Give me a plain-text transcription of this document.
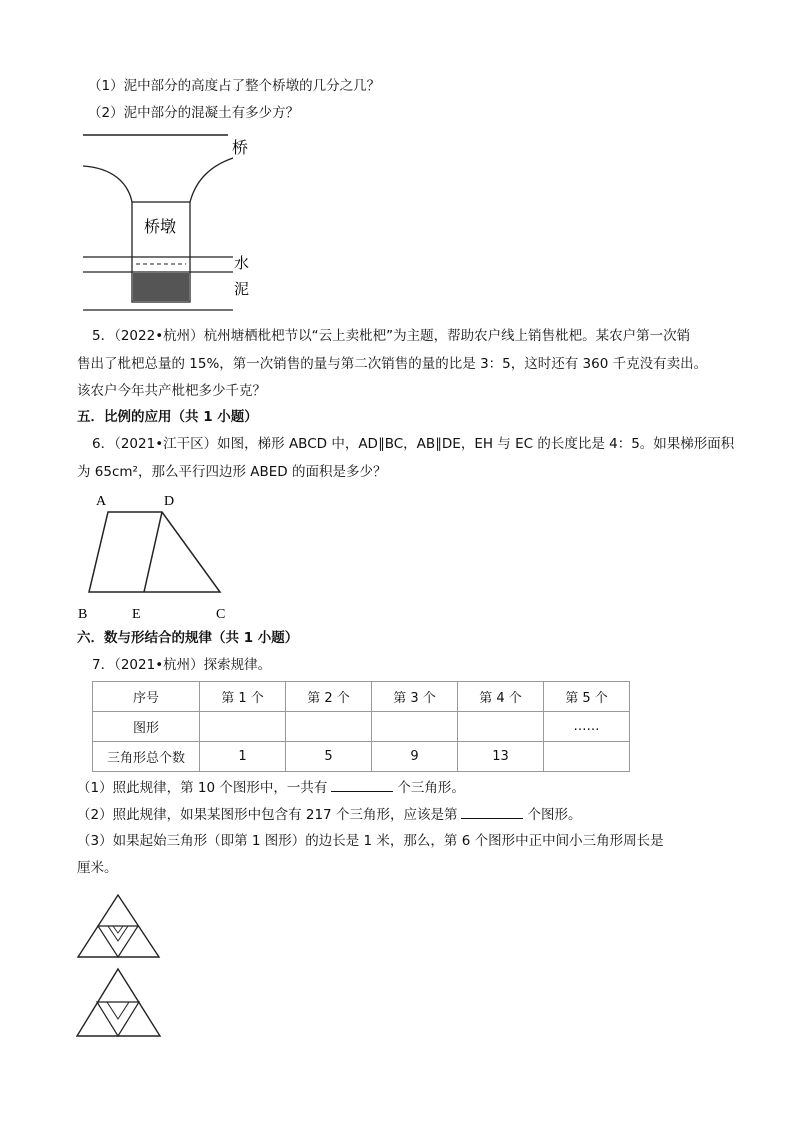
（1）泥中部分的高度占了整个桥墩的几分之几？
（2）泥中部分的混凝土有多少方？
桥
桥墩
水
泥
5．（2022•杭州）杭州塘栖枇杷节以“云上卖枇杷”为主题，帮助农户线上销售枇杷。某农户第一次销
售出了枇杷总量的 15%，第一次销售的量与第二次销售的量的比是 3：5，这时还有 360 千克没有卖出。
该农户今年共产枇杷多少千克？
五．比例的应用（共 1 小题）
6．（2021•江干区）如图，梯形 ABCD 中，AD∥BC，AB∥DE，EH 与 EC 的长度比是 4：5。如果梯形面积
为 65cm²，那么平行四边形 ABED 的面积是多少？
A	D
B	E	C
六．数与形结合的规律（共 1 小题）
7．（2021•杭州）探索规律。
序号	第 1 个	第 2 个	第 3 个	第 4 个	第 5 个
图形					……
三角形总个数	1	5	9	13	
（1）照此规律，第 10 个图形中，一共有	个三角形。
（2）照此规律，如果某图形中包含有 217 个三角形，应该是第	个图形。
（3）如果起始三角形（即第 1 图形）的边长是 1 米，那么，第 6 个图形中正中间小三角形周长是
厘米。
